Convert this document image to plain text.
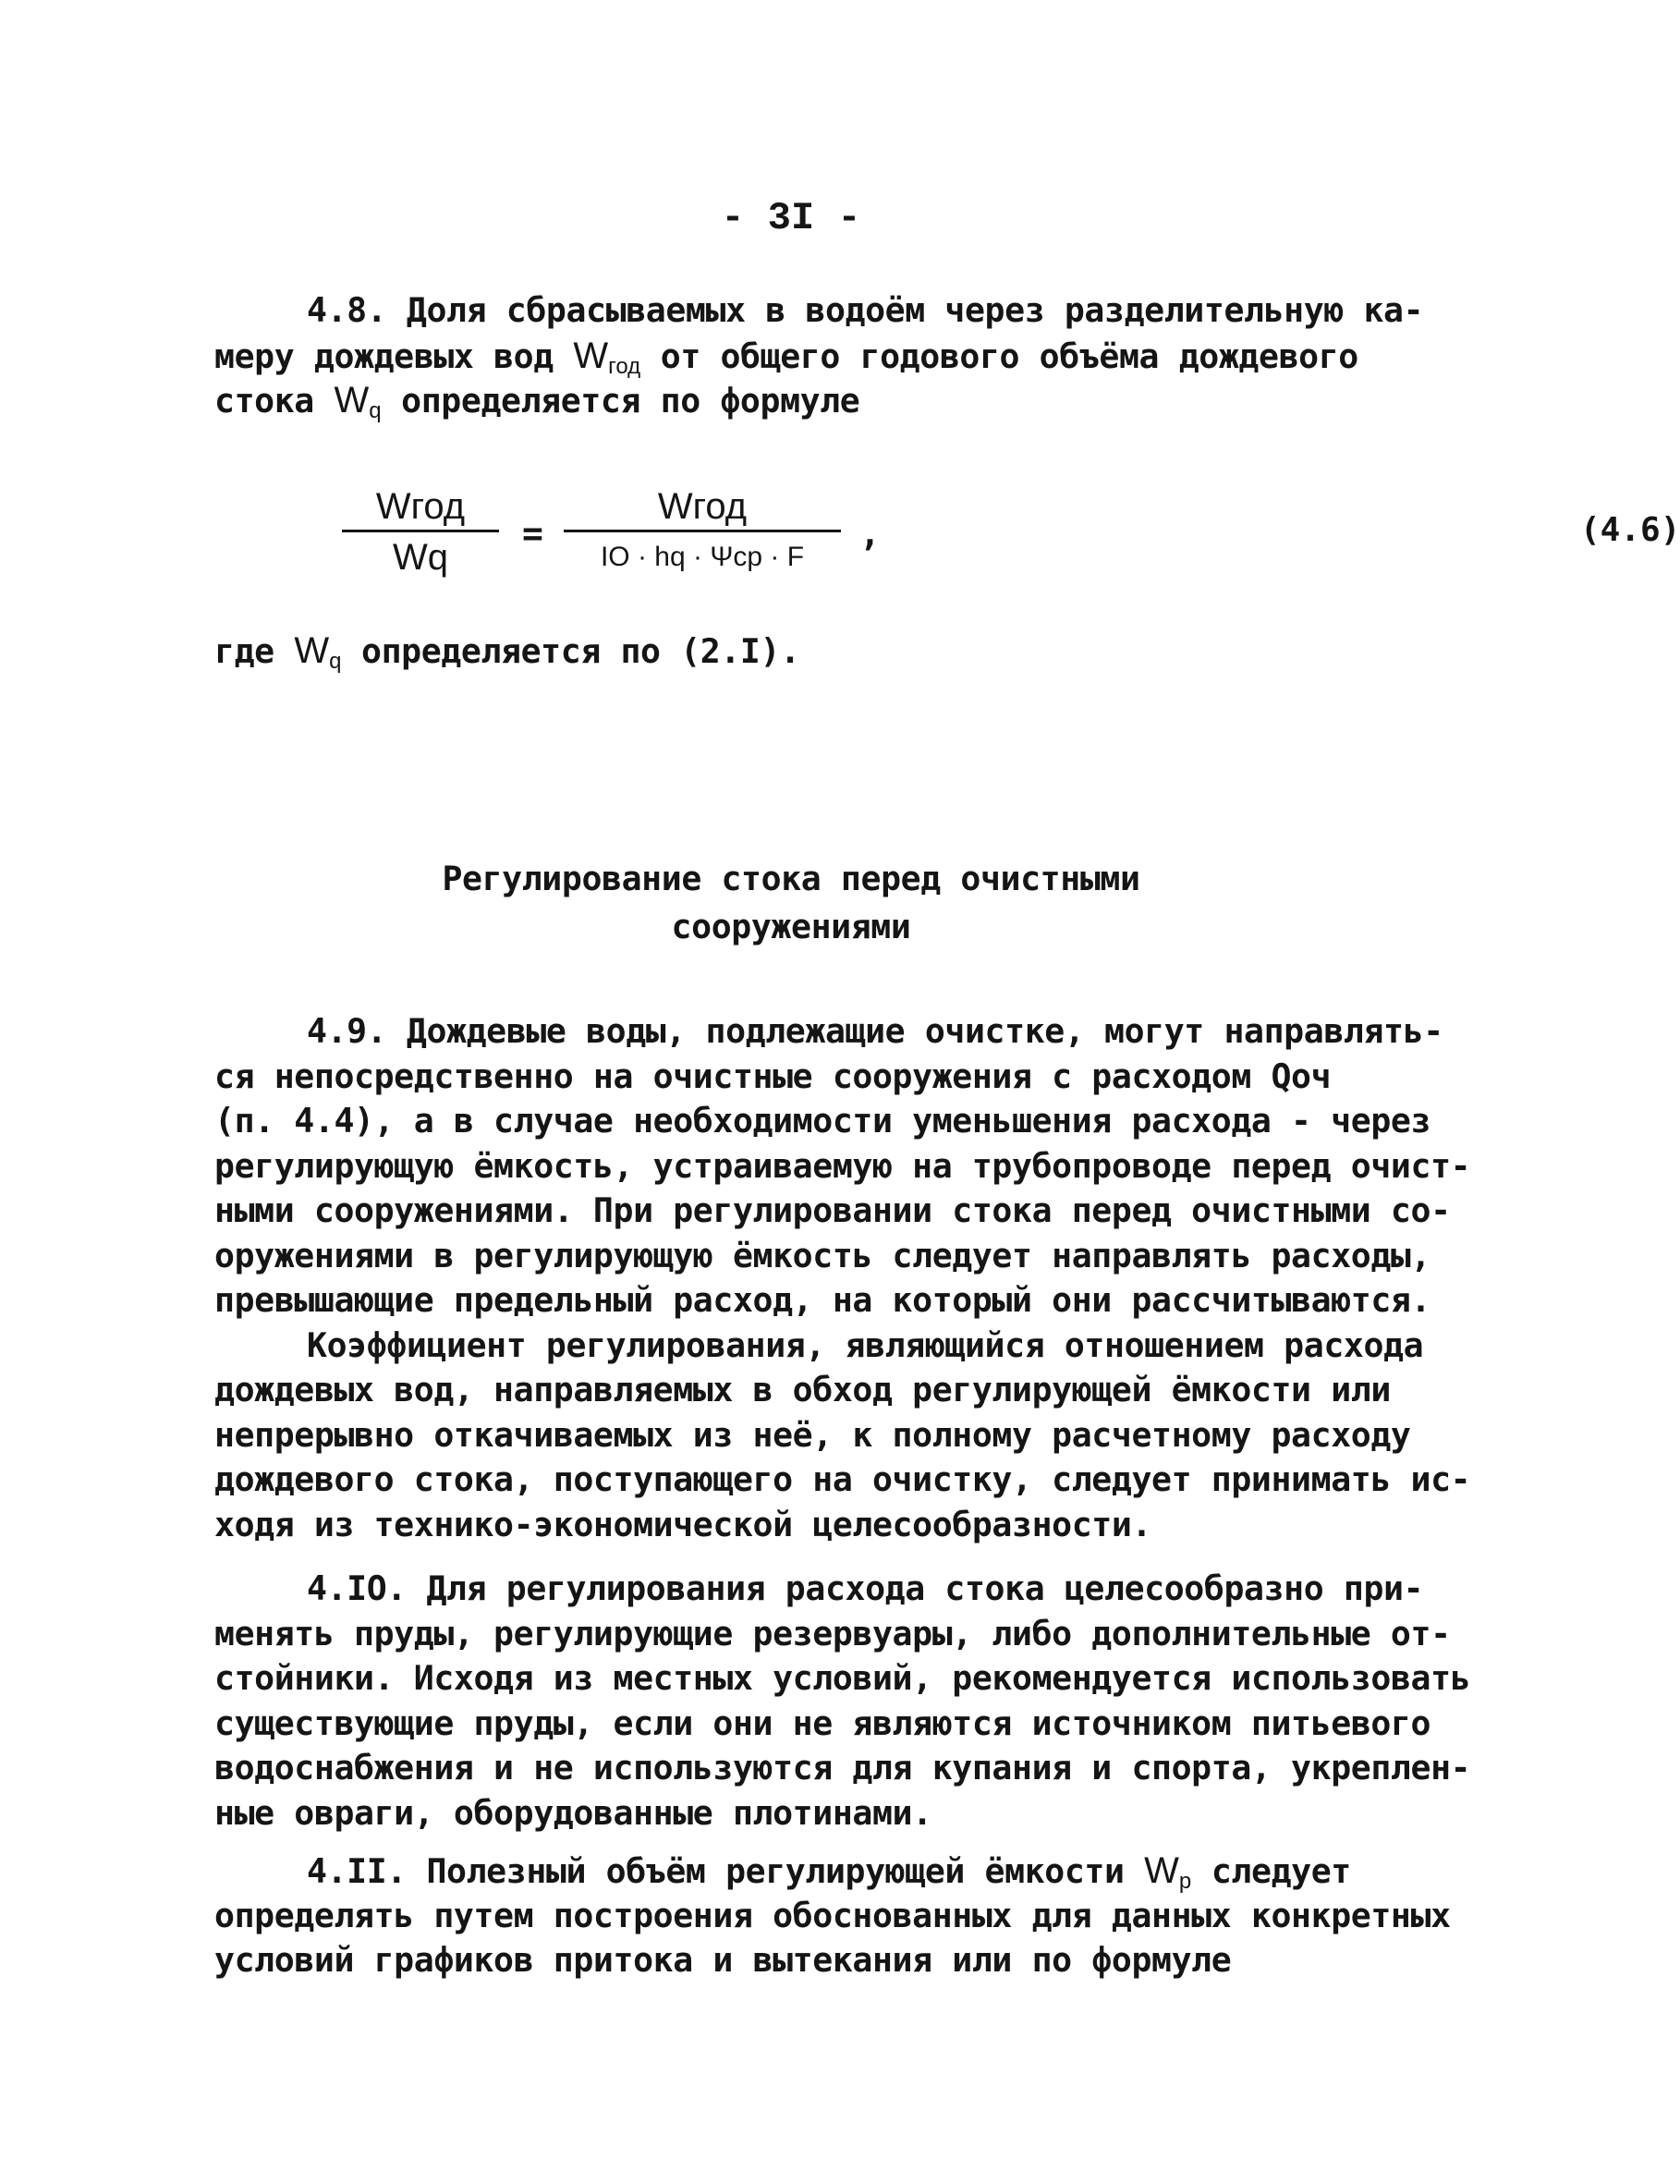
- 3I -
4.8. Доля сбрасываемых в водоём через разделительную ка-
меру дождевых вод $W_{год}$ от общего годового объёма дождевого
стока $W_q$ определяется по формуле
Wгод
Wq
=
Wгод
IO · hq · Ψср · F
,	(4.6)
где $W_q$ определяется по (2.I).
Регулирование стока перед очистными
сооружениями
4.9. Дождевые воды, подлежащие очистке, могут направлять-
ся непосредственно на очистные сооружения с расходом Qоч
(п. 4.4), а в случае необходимости уменьшения расхода - через
регулирующую ёмкость, устраиваемую на трубопроводе перед очист-
ными сооружениями. При регулировании стока перед очистными со-
оружениями в регулирующую ёмкость следует направлять расходы,
превышающие предельный расход, на который они рассчитываются.
Коэффициент регулирования, являющийся отношением расхода
дождевых вод, направляемых в обход регулирующей ёмкости или
непрерывно откачиваемых из неё, к полному расчетному расходу
дождевого стока, поступающего на очистку, следует принимать ис-
ходя из технико-экономической целесообразности.
4.IO. Для регулирования расхода стока целесообразно при-
менять пруды, регулирующие резервуары, либо дополнительные от-
стойники. Исходя из местных условий, рекомендуется использовать
существующие пруды, если они не являются источником питьевого
водоснабжения и не используются для купания и спорта, укреплен-
ные овраги, оборудованные плотинами.
4.II. Полезный объём регулирующей ёмкости $W_p$ следует
определять путем построения обоснованных для данных конкретных
условий графиков притока и вытекания или по формуле
